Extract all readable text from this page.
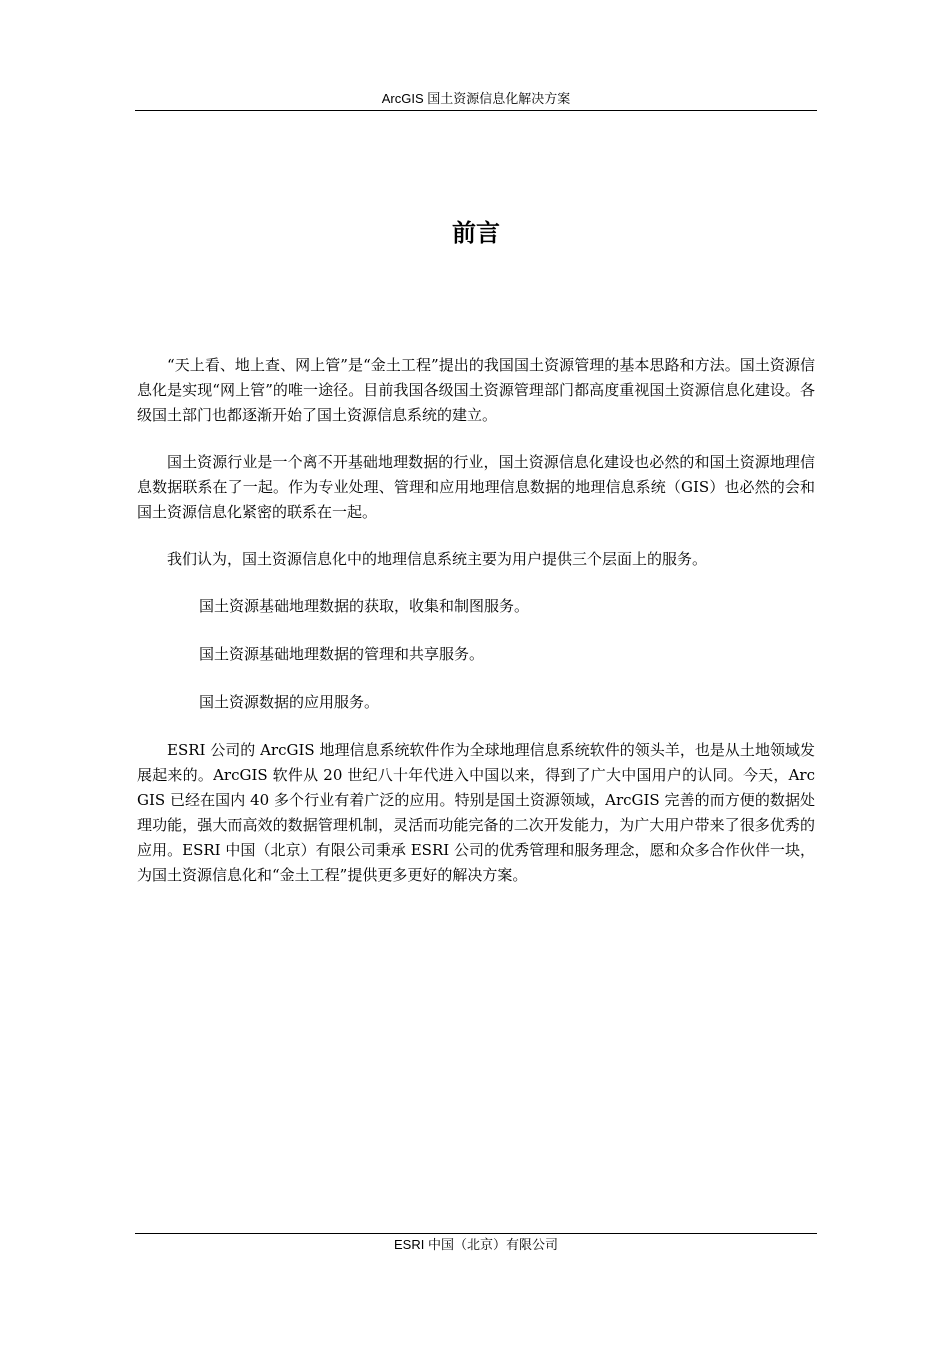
ArcGIS 国土资源信息化解决方案
前言

“天上看、地上查、网上管”是“金土工程”提出的我国国土资源管理的基本思路和方法。国土资源信息化是实现“网上管”的唯一途径。目前我国各级国土资源管理部门都高度重视国土资源信息化建设。各级国土部门也都逐渐开始了国土资源信息系统的建立。

国土资源行业是一个离不开基础地理数据的行业，国土资源信息化建设也必然的和国土资源地理信息数据联系在了一起。作为专业处理、管理和应用地理信息数据的地理信息系统（GIS）也必然的会和国土资源信息化紧密的联系在一起。

我们认为，国土资源信息化中的地理信息系统主要为用户提供三个层面上的服务。

国土资源基础地理数据的获取，收集和制图服务。

国土资源基础地理数据的管理和共享服务。

国土资源数据的应用服务。

ESRI 公司的 ArcGIS 地理信息系统软件作为全球地理信息系统软件的领头羊，也是从土地领域发展起来的。ArcGIS 软件从 20 世纪八十年代进入中国以来，得到了广大中国用户的认同。今天，ArcGIS 已经在国内 40 多个行业有着广泛的应用。特别是国土资源领域，ArcGIS 完善的而方便的数据处理功能，强大而高效的数据管理机制，灵活而功能完备的二次开发能力，为广大用户带来了很多优秀的应用。ESRI 中国（北京）有限公司秉承 ESRI 公司的优秀管理和服务理念，愿和众多合作伙伴一块，为国土资源信息化和“金土工程”提供更多更好的解决方案。

ESRI 中国（北京）有限公司
